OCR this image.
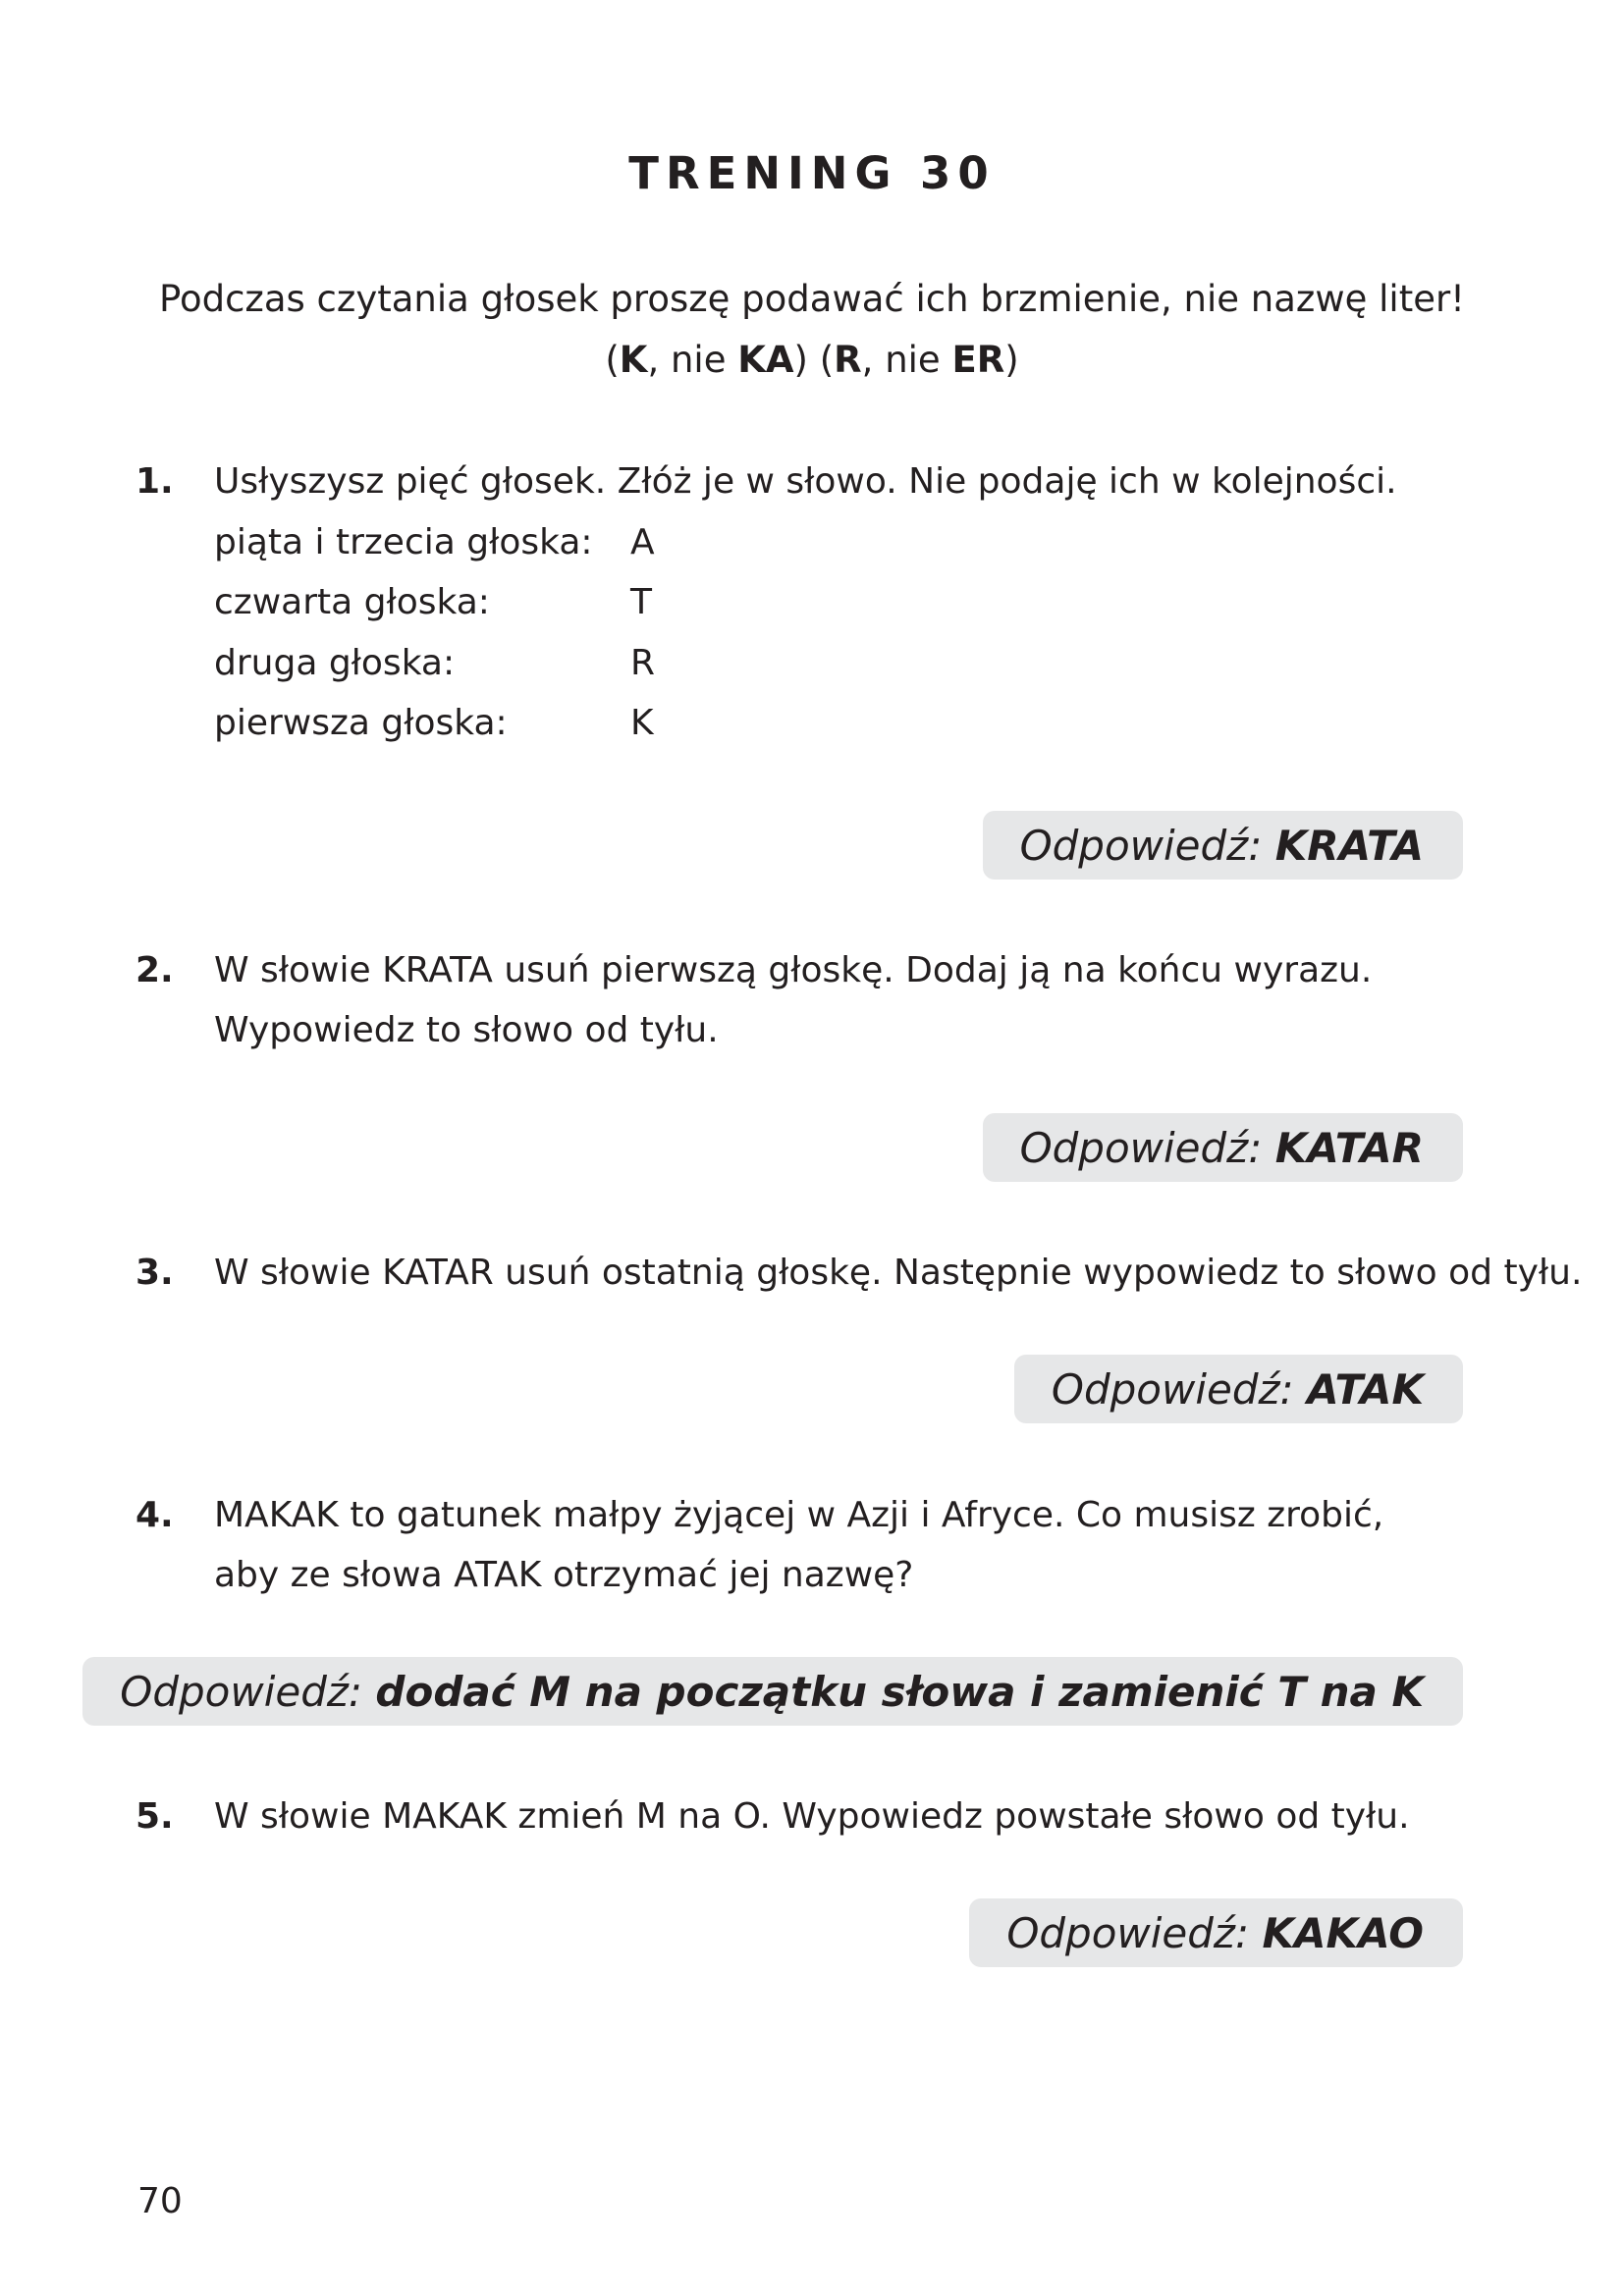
TRENING 30
Podczas czytania głosek proszę podawać ich brzmienie, nie nazwę liter!
(K, nie KA) (R, nie ER)
1. Usłyszysz pięć głosek. Złóż je w słowo. Nie podaję ich w kolejności.
piąta i trzecia głoska: A
czwarta głoska:	T
druga głoska:	R
pierwsza głoska:	K
Odpowiedź:
KRATA
2. W słowie KRATA usuń pierwszą głoskę. Dodaj ją na końcu wyrazu.
Wypowiedz to słowo od tyłu.
Odpowiedź:
KATAR
3. W słowie KATAR usuń ostatnią głoskę. Następnie wypowiedz to słowo od tyłu.
Odpowiedź:
ATAK
4. MAKAK to gatunek małpy żyjącej w Azji i Afryce. Co musisz zrobić,
aby ze słowa ATAK otrzymać jej nazwę?
Odpowiedź:
dodać M na początku słowa i zamienić T na K
5. W słowie MAKAK zmień M na O. Wypowiedz powstałe słowo od tyłu.
Odpowiedź:
KAKAO
70
